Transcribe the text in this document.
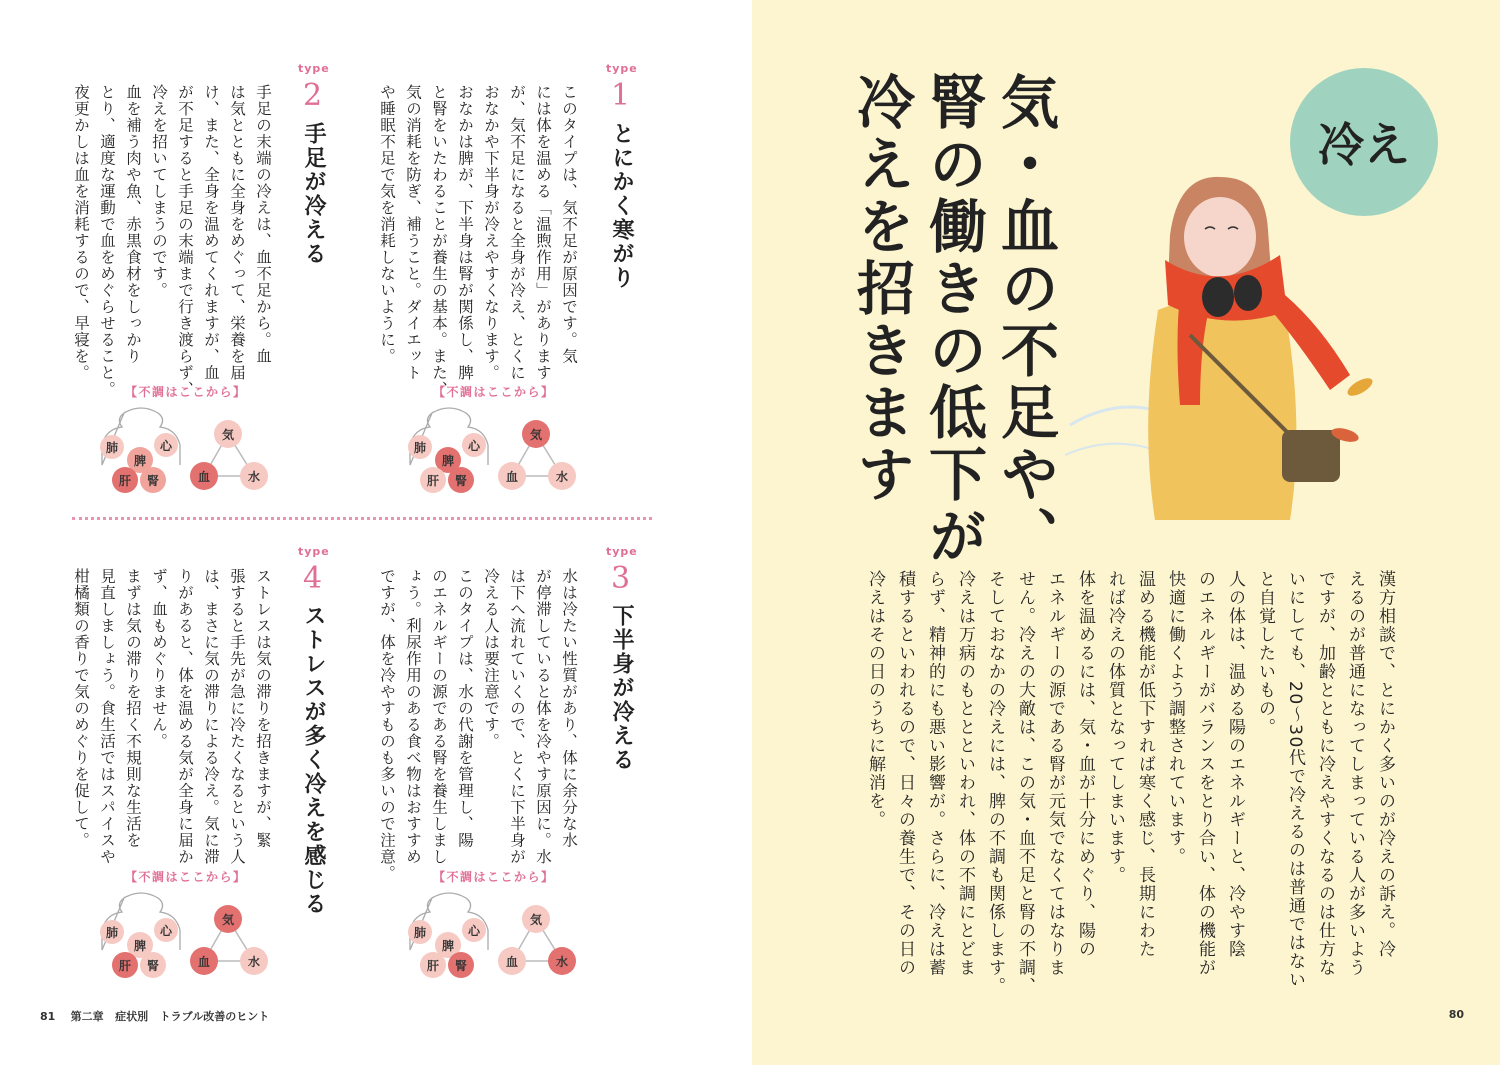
type
1
とにかく寒がり
このタイプは、気不足が原因です。気
には体を温める「温煦作用」があります
が、気不足になると全身が冷え、とくに
おなかや下半身が冷えやすくなります。
おなかは脾が、下半身は腎が関係し、脾
と腎をいたわることが養生の基本。また、
気の消耗を防ぎ、補うこと。ダイエット
や睡眠不足で気を消耗しないように。
type
2
手足が冷える
手足の末端の冷えは、血不足から。血
は気とともに全身をめぐって、栄養を届
け、また、全身を温めてくれますが、血
が不足すると手足の末端まで行き渡らず、
冷えを招いてしまうのです。
血を補う肉や魚、赤黒食材をしっかり
とり、適度な運動で血をめぐらせること。
夜更かしは血を消耗するので、早寝を。
【不調はここから】
【不調はここから】
肺	心
脾
肝	腎
気
血	水
肺	心
脾
肝	腎
気
血	水
type
3
下半身が冷える
水は冷たい性質があり、体に余分な水
が停滞していると体を冷やす原因に。水
は下へ流れていくので、とくに下半身が
冷える人は要注意です。
このタイプは、水の代謝を管理し、陽
のエネルギーの源である腎を養生しまし
ょう。利尿作用のある食べ物はおすすめ
ですが、体を冷やすものも多いので注意。
type
4
ストレスが多く冷えを感じる
ストレスは気の滞りを招きますが、緊
張すると手先が急に冷たくなるという人
は、まさに気の滞りによる冷え。気に滞
りがあると、体を温める気が全身に届か
ず、血もめぐりません。
まずは気の滞りを招く不規則な生活を
見直しましょう。食生活ではスパイスや
柑橘類の香りで気のめぐりを促して。
【不調はここから】
【不調はここから】
肺	心
脾
肝	腎
気
血	水
肺	心
脾
肝	腎
気
血	水
81 第二章 症状別 トラブル改善のヒント
冷え
気・血の不足や、
腎の働きの低下が
冷えを招きます
漢方相談で、とにかく多いのが冷えの訴え。冷
えるのが普通になってしまっている人が多いよう
ですが、加齢とともに冷えやすくなるのは仕方な
いにしても、20～30代で冷えるのは普通ではない
と自覚したいもの。
人の体は、温める陽のエネルギーと、冷やす陰
のエネルギーがバランスをとり合い、体の機能が
快適に働くよう調整されています。
温める機能が低下すれば寒く感じ、長期にわた
れば冷えの体質となってしまいます。
体を温めるには、気・血が十分にめぐり、陽の
エネルギーの源である腎が元気でなくてはなりま
せん。冷えの大敵は、この気・血不足と腎の不調、
そしておなかの冷えには、脾の不調も関係します。
冷えは万病のもととといわれ、体の不調にとどま
らず、精神的にも悪い影響が。さらに、冷えは蓄
積するといわれるので、日々の養生で、その日の
冷えはその日のうちに解消を。
80
